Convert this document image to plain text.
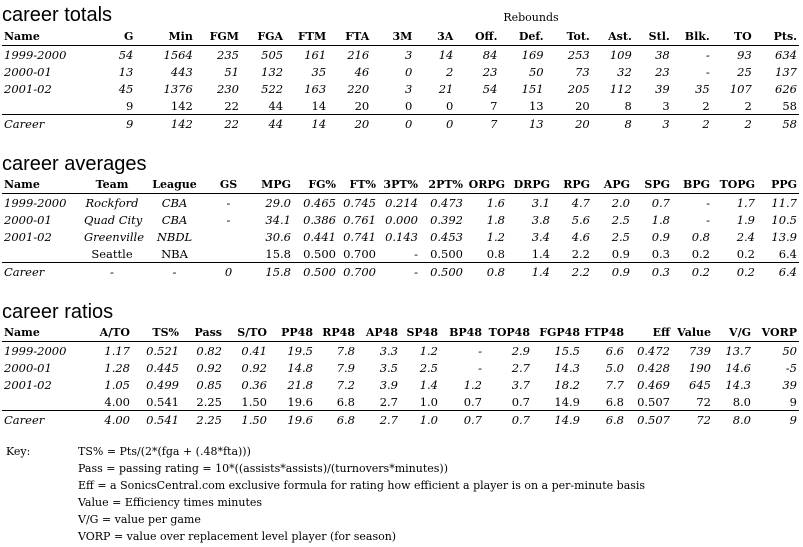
career totals	Rebounds
Name	G	Min	FGM	FGA	FTM	FTA	3M	3A	Off.	Def.	Tot.	Ast.	Stl.	Blk.	TO	Pts.
1999-2000	54	1564	235	505	161	216	3	14	84	169	253	109	38	-	93	634
2000-01	13	443	51	132	35	46	0	2	23	50	73	32	23	-	25	137
2001-02	45	1376	230	522	163	220	3	21	54	151	205	112	39	35	107	626
	9	142	22	44	14	20	0	0	7	13	20	8	3	2	2	58
Career	9	142	22	44	14	20	0	0	7	13	20	8	3	2	2	58
career averages
Name	Team	League	GS	MPG	FG%	FT%	3PT%	2PT%	ORPG	DRPG	RPG	APG	SPG	BPG	TOPG	PPG
1999-2000	Rockford	CBA	-	29.0	0.465	0.745	0.214	0.473	1.6	3.1	4.7	2.0	0.7	-	1.7	11.7
2000-01	Quad City	CBA	-	34.1	0.386	0.761	0.000	0.392	1.8	3.8	5.6	2.5	1.8	-	1.9	10.5
2001-02	Greenville	NBDL		30.6	0.441	0.741	0.143	0.453	1.2	3.4	4.6	2.5	0.9	0.8	2.4	13.9
	Seattle	NBA		15.8	0.500	0.700	-	0.500	0.8	1.4	2.2	0.9	0.3	0.2	0.2	6.4
Career	-	-	0	15.8	0.500	0.700	-	0.500	0.8	1.4	2.2	0.9	0.3	0.2	0.2	6.4
career ratios
Name	A/TO	TS%	Pass	S/TO	PP48	RP48	AP48	SP48	BP48	TOP48	FGP48	FTP48	Eff	Value	V/G	VORP
1999-2000	1.17	0.521	0.82	0.41	19.5	7.8	3.3	1.2	-	2.9	15.5	6.6	0.472	739	13.7	50
2000-01	1.28	0.445	0.92	0.92	14.8	7.9	3.5	2.5	-	2.7	14.3	5.0	0.428	190	14.6	-5
2001-02	1.05	0.499	0.85	0.36	21.8	7.2	3.9	1.4	1.2	3.7	18.2	7.7	0.469	645	14.3	39
	4.00	0.541	2.25	1.50	19.6	6.8	2.7	1.0	0.7	0.7	14.9	6.8	0.507	72	8.0	9
Career	4.00	0.541	2.25	1.50	19.6	6.8	2.7	1.0	0.7	0.7	14.9	6.8	0.507	72	8.0	9
Key:	TS% = Pts/(2*(fga + (.48*fta)))
Pass = passing rating = 10*((assists*assists)/(turnovers*minutes))
Eff = a SonicsCentral.com exclusive formula for rating how efficient a player is on a per-minute basis
Value = Efficiency times minutes
V/G = value per game
VORP = value over replacement level player (for season)
